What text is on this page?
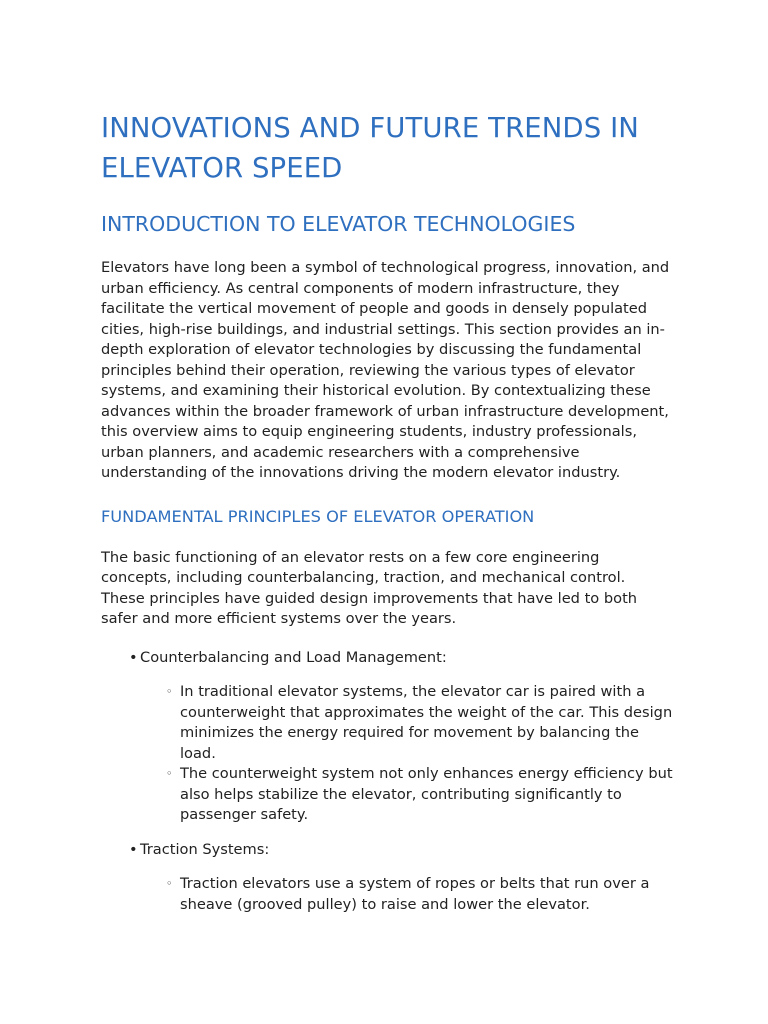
INNOVATIONS AND FUTURE TRENDS IN ELEVATOR SPEED
INTRODUCTION TO ELEVATOR TECHNOLOGIES

Elevators have long been a symbol of technological progress, innovation, and urban efficiency. As central components of modern infrastructure, they facilitate the vertical movement of people and goods in densely populated cities, high-rise buildings, and industrial settings. This section provides an in-depth exploration of elevator technologies by discussing the fundamental principles behind their operation, reviewing the various types of elevator systems, and examining their historical evolution. By contextualizing these advances within the broader framework of urban infrastructure development, this overview aims to equip engineering students, industry professionals, urban planners, and academic researchers with a comprehensive understanding of the innovations driving the modern elevator industry.

FUNDAMENTAL PRINCIPLES OF ELEVATOR OPERATION

The basic functioning of an elevator rests on a few core engineering concepts, including counterbalancing, traction, and mechanical control. These principles have guided design improvements that have led to both safer and more efficient systems over the years.

• Counterbalancing and Load Management:
◦ In traditional elevator systems, the elevator car is paired with a counterweight that approximates the weight of the car. This design minimizes the energy required for movement by balancing the load.
◦ The counterweight system not only enhances energy efficiency but also helps stabilize the elevator, contributing significantly to passenger safety.
• Traction Systems:
◦ Traction elevators use a system of ropes or belts that run over a sheave (grooved pulley) to raise and lower the elevator.
